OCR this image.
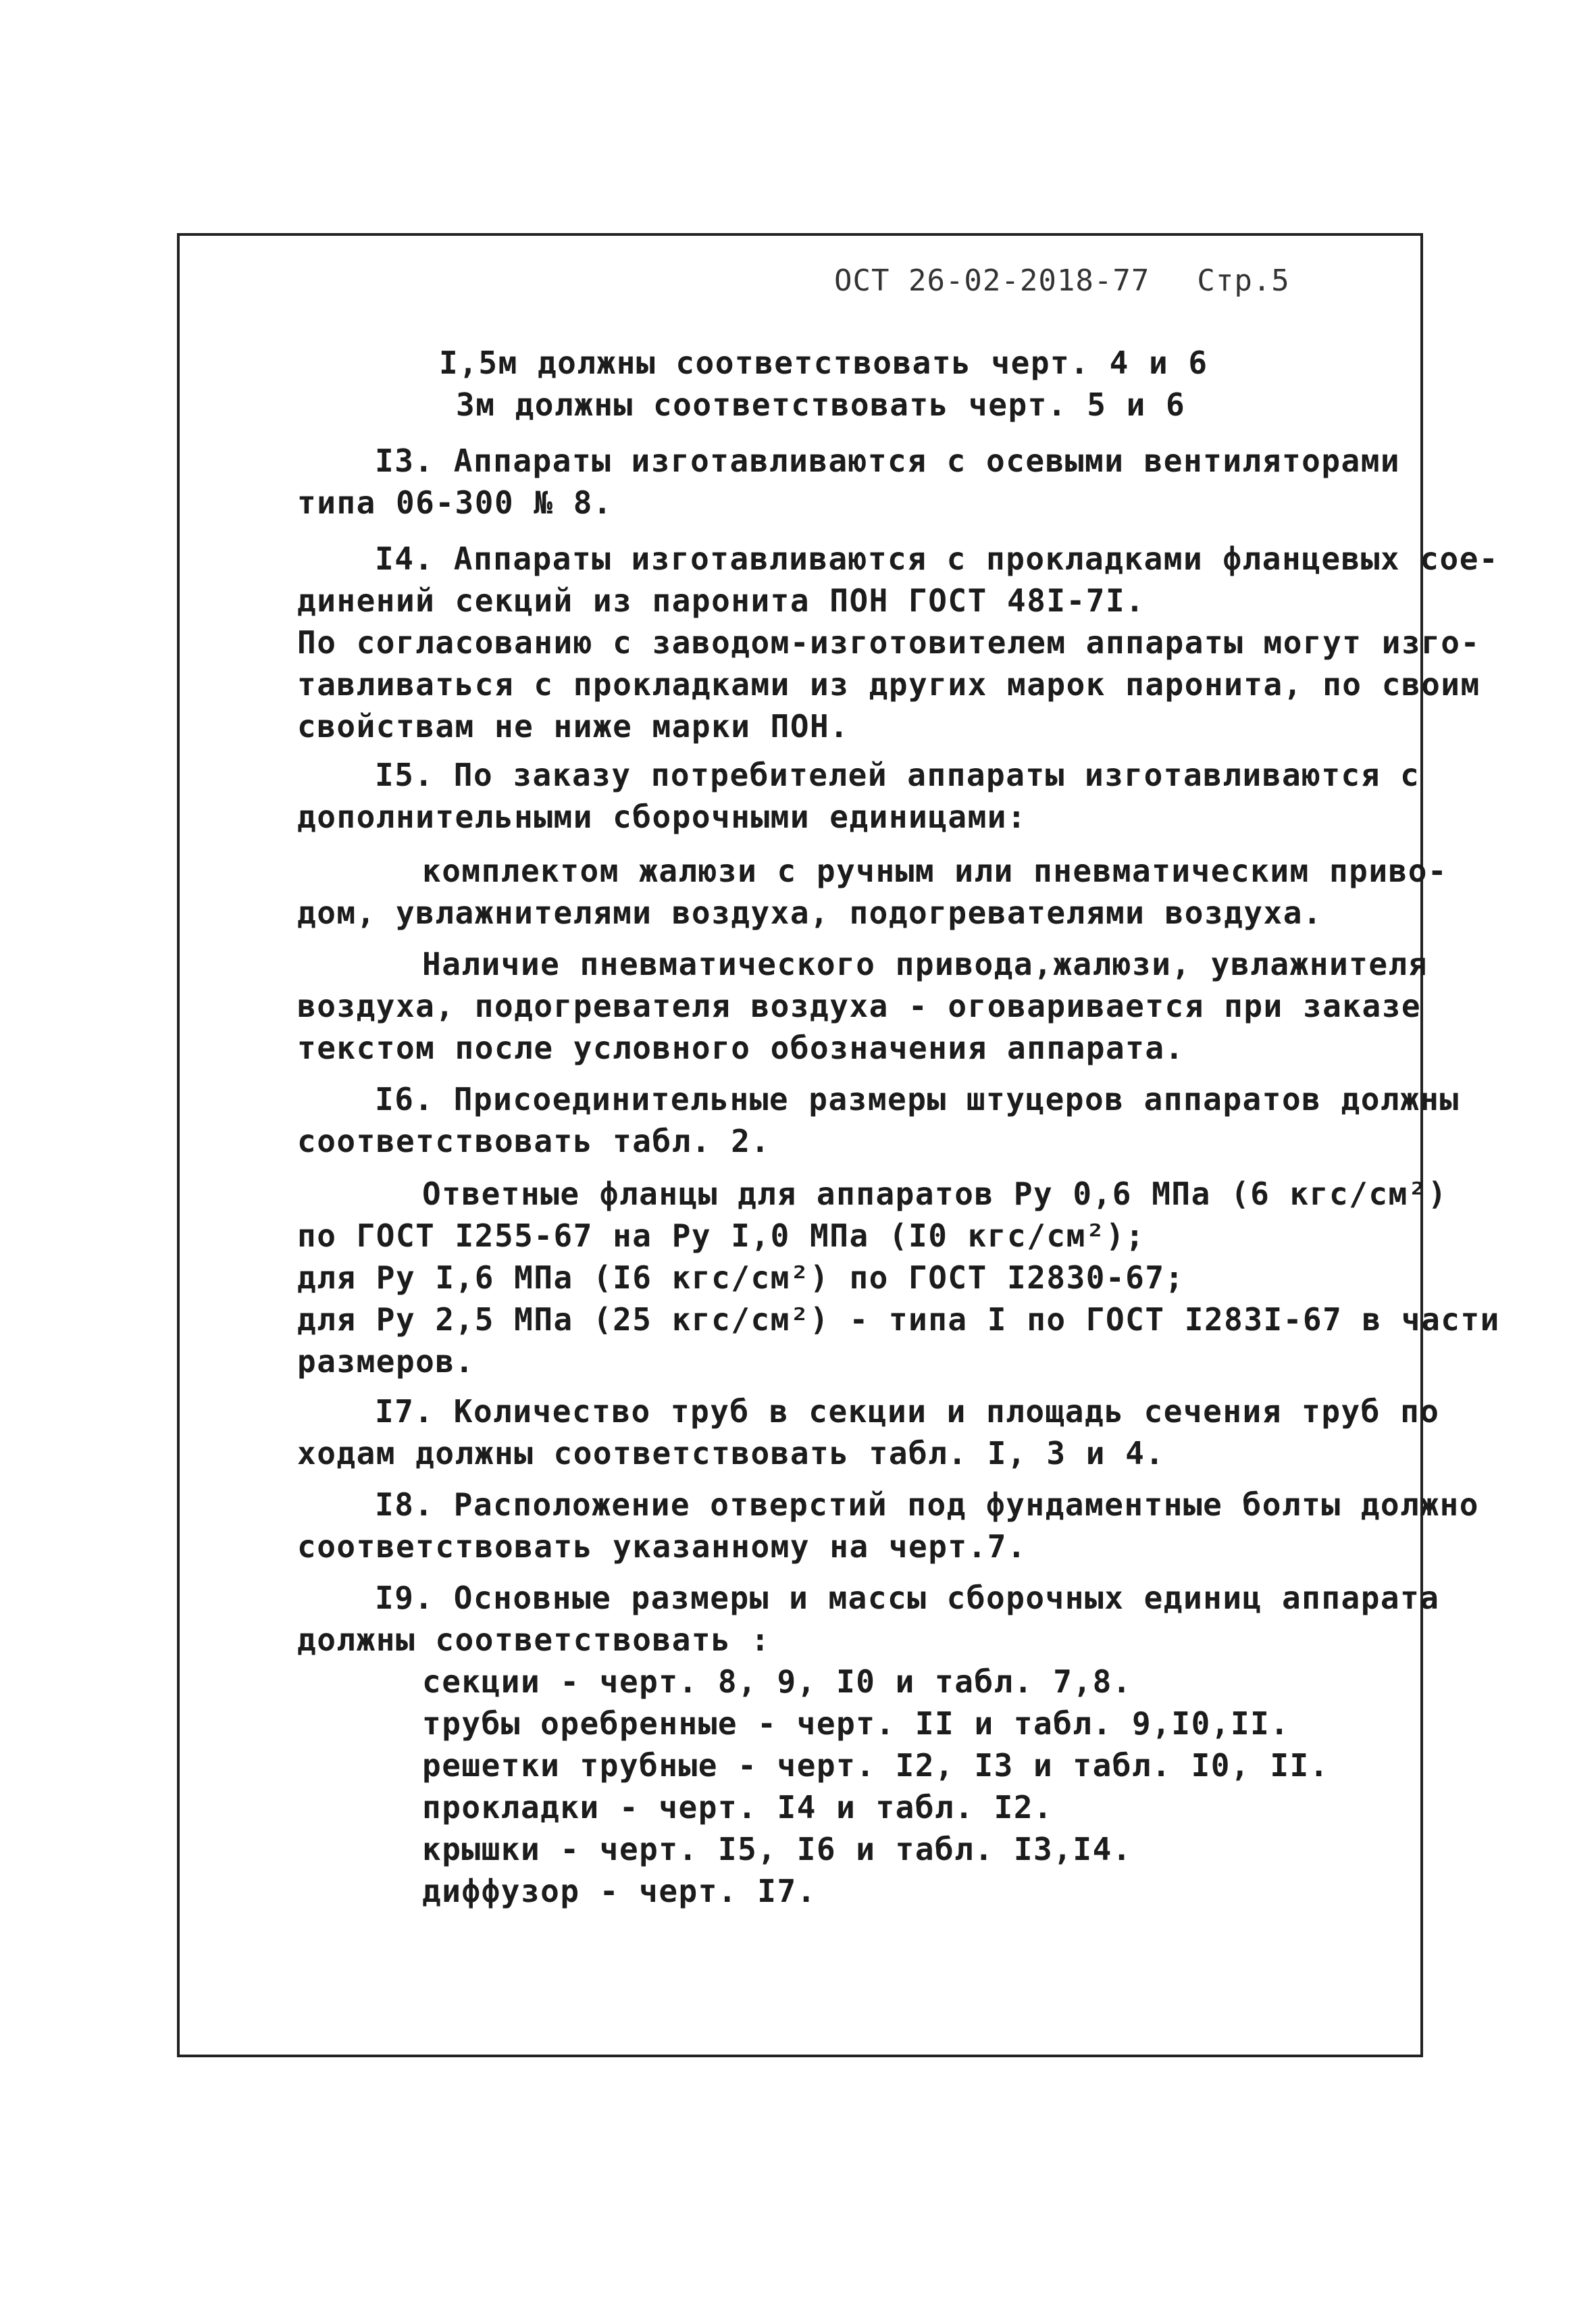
ОСТ 26-02-2018-77 Стр.5
I,5м должны соответствовать черт. 4 и 6
3м должны соответствовать черт. 5 и 6
I3. Аппараты изготавливаются с осевыми вентиляторами
типа 06-300 № 8.
I4. Аппараты изготавливаются с прокладками фланцевых сое-
динений секций из паронита ПОН ГОСТ 48I-7I.
По согласованию с заводом-изготовителем аппараты могут изго-
тавливаться с прокладками из других марок паронита, по своим
свойствам не ниже марки ПОН.
I5. По заказу потребителей аппараты изготавливаются с
дополнительными сборочными единицами:
комплектом жалюзи с ручным или пневматическим приво-
дом, увлажнителями воздуха, подогревателями воздуха.
Наличие пневматического привода,жалюзи, увлажнителя
воздуха, подогревателя воздуха - оговаривается при заказе
текстом после условного обозначения аппарата.
I6. Присоединительные размеры штуцеров аппаратов должны
соответствовать табл. 2.
Ответные фланцы для аппаратов Ру 0,6 МПа (6 кгс/см²)
по ГОСТ I255-67 на Ру I,0 МПа (I0 кгс/см²);
для Ру I,6 МПа (I6 кгс/см²) по ГОСТ I2830-67;
для Ру 2,5 МПа (25 кгс/см²) - типа I по ГОСТ I283I-67 в части
размеров.
I7. Количество труб в секции и площадь сечения труб по
ходам должны соответствовать табл. I, 3 и 4.
I8. Расположение отверстий под фундаментные болты должно
соответствовать указанному на черт.7.
I9. Основные размеры и массы сборочных единиц аппарата
должны соответствовать :
секции - черт. 8, 9, I0 и табл. 7,8.
трубы оребренные - черт. II и табл. 9,I0,II.
решетки трубные - черт. I2, I3 и табл. I0, II.
прокладки - черт. I4 и табл. I2.
крышки - черт. I5, I6 и табл. I3,I4.
диффузор - черт. I7.
